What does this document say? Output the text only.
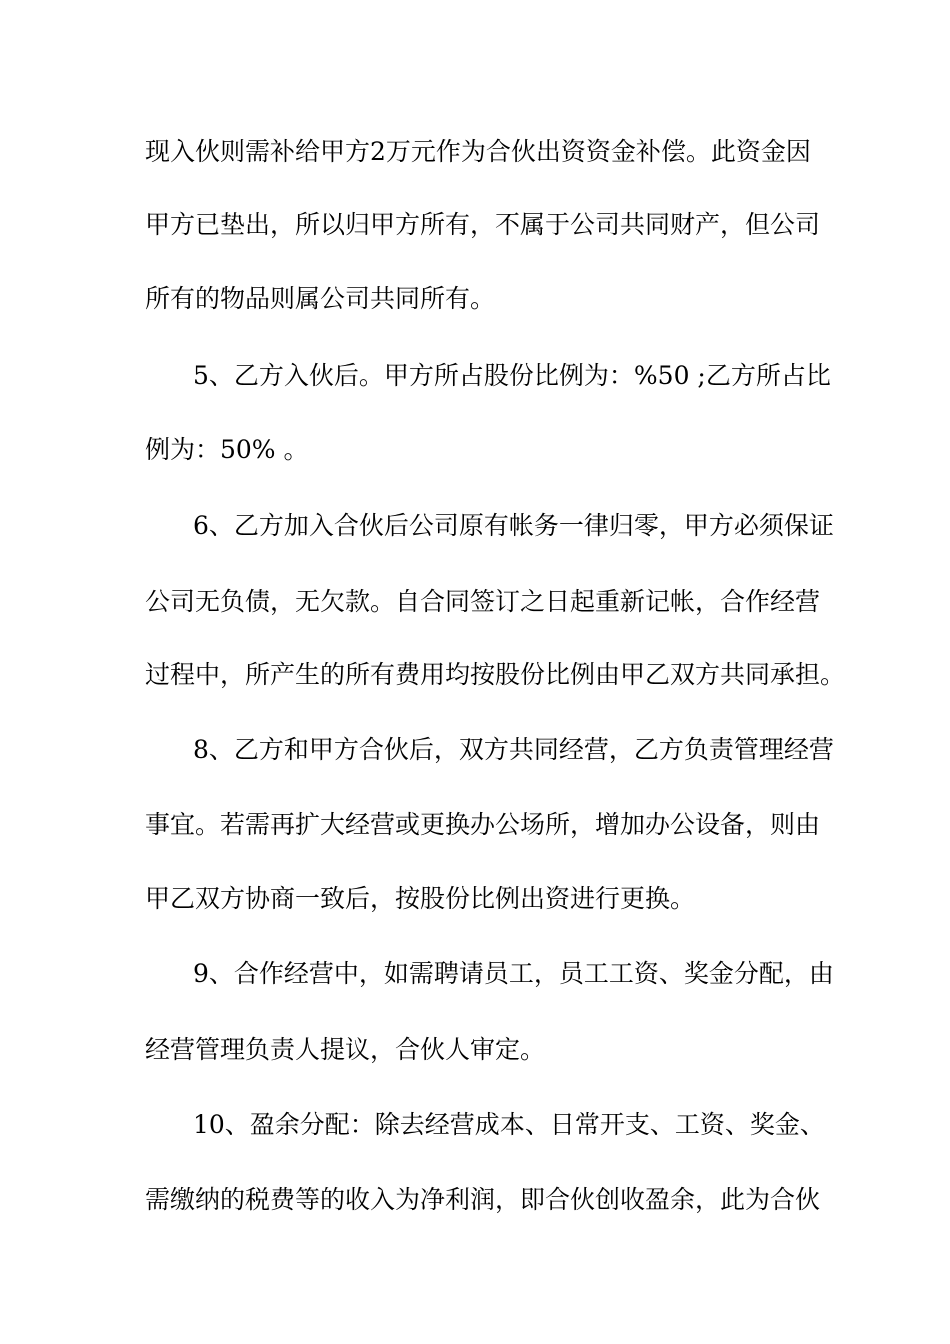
现入伙则需补给甲方2万元作为合伙出资资金补偿。此资金因
甲方已垫出，所以归甲方所有，不属于公司共同财产，但公司
所有的物品则属公司共同所有。
5、乙方入伙后。甲方所占股份比例为：%50 ;乙方所占比
例为：50% 。
6、乙方加入合伙后公司原有帐务一律归零，甲方必须保证
公司无负债，无欠款。自合同签订之日起重新记帐，合作经营
过程中，所产生的所有费用均按股份比例由甲乙双方共同承担。
8、乙方和甲方合伙后，双方共同经营，乙方负责管理经营
事宜。若需再扩大经营或更换办公场所，增加办公设备，则由
甲乙双方协商一致后，按股份比例出资进行更换。
9、合作经营中，如需聘请员工，员工工资、奖金分配，由
经营管理负责人提议，合伙人审定。
10、盈余分配：除去经营成本、日常开支、工资、奖金、
需缴纳的税费等的收入为净利润，即合伙创收盈余，此为合伙
